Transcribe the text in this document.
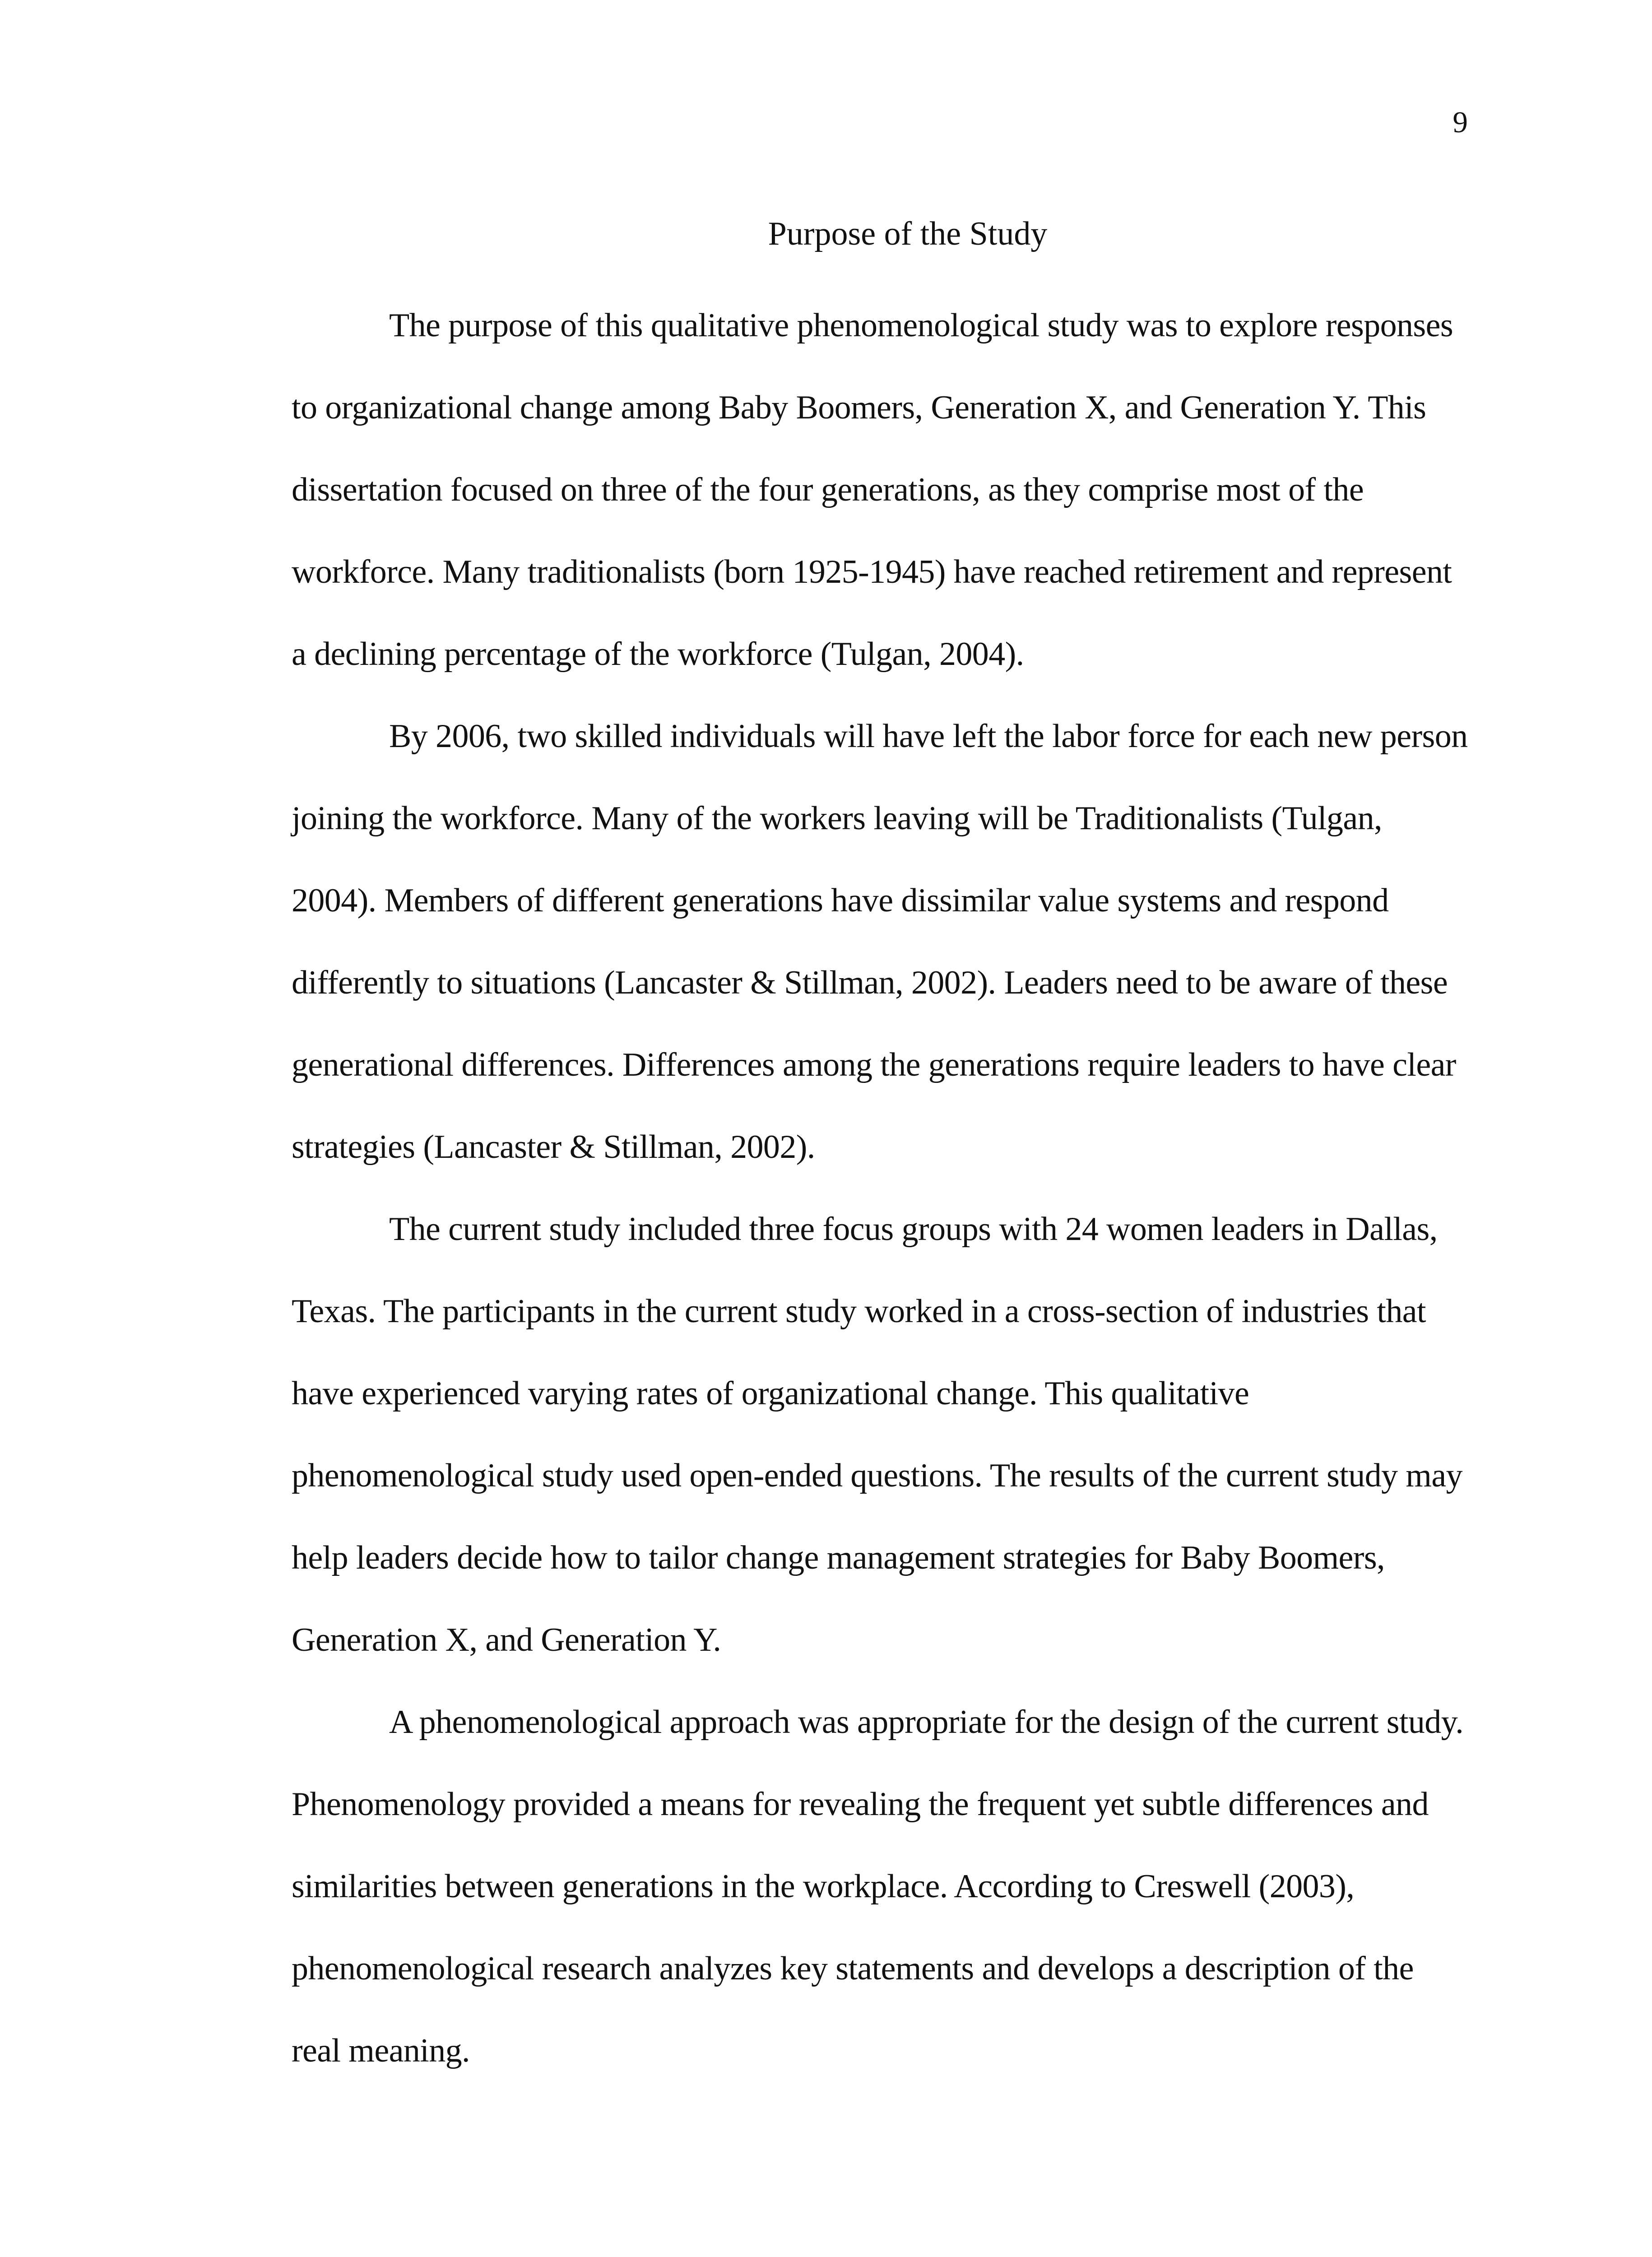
9
Purpose of the Study

The purpose of this qualitative phenomenological study was to explore responses to organizational change among Baby Boomers, Generation X, and Generation Y. This dissertation focused on three of the four generations, as they comprise most of the workforce. Many traditionalists (born 1925-1945) have reached retirement and represent a declining percentage of the workforce (Tulgan, 2004).

By 2006, two skilled individuals will have left the labor force for each new person joining the workforce. Many of the workers leaving will be Traditionalists (Tulgan, 2004). Members of different generations have dissimilar value systems and respond differently to situations (Lancaster & Stillman, 2002). Leaders need to be aware of these generational differences. Differences among the generations require leaders to have clear strategies (Lancaster & Stillman, 2002).

The current study included three focus groups with 24 women leaders in Dallas, Texas. The participants in the current study worked in a cross-section of industries that have experienced varying rates of organizational change. This qualitative phenomenological study used open-ended questions. The results of the current study may help leaders decide how to tailor change management strategies for Baby Boomers, Generation X, and Generation Y.

A phenomenological approach was appropriate for the design of the current study. Phenomenology provided a means for revealing the frequent yet subtle differences and similarities between generations in the workplace. According to Creswell (2003), phenomenological research analyzes key statements and develops a description of the real meaning.
